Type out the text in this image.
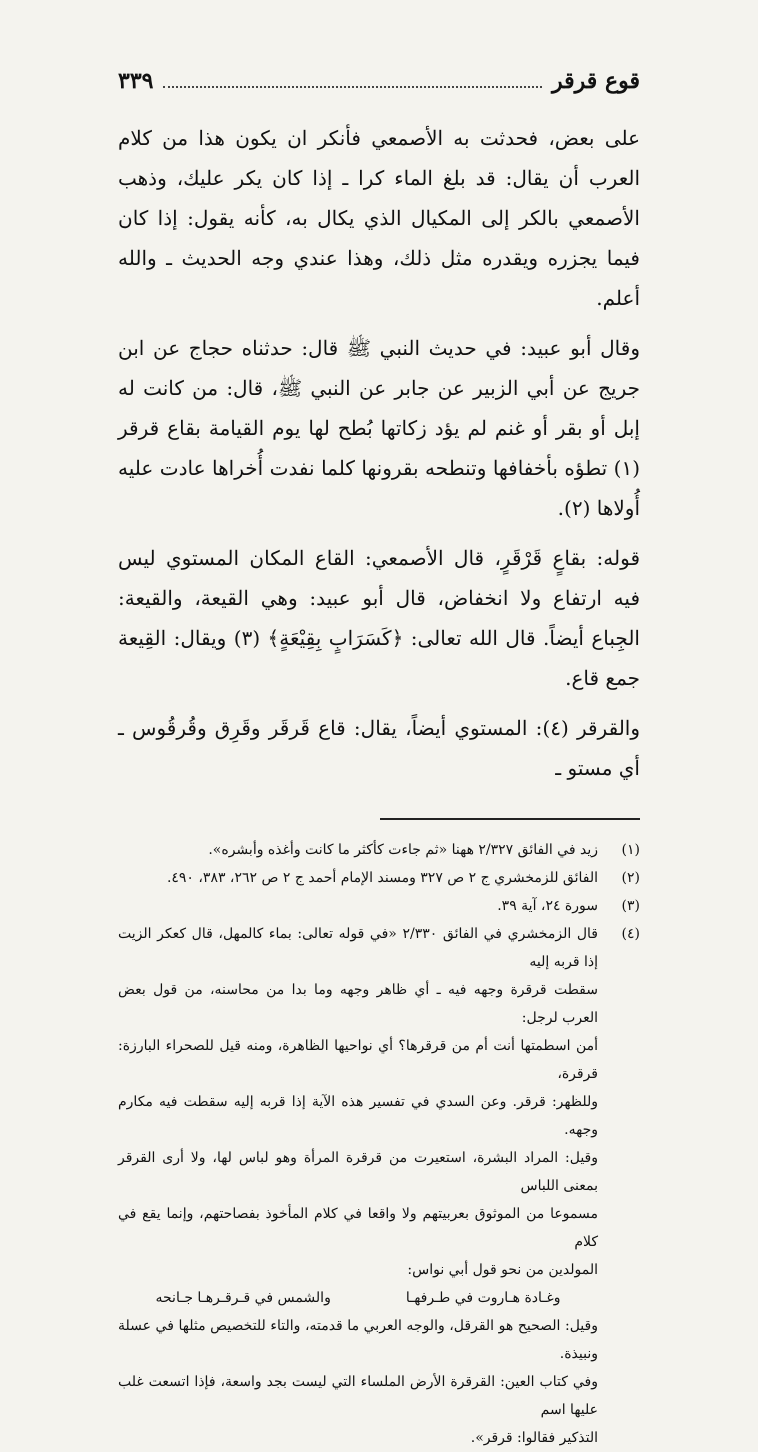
قوع قرقر
٣٣٩

على بعض، فحدثت به الأصمعي فأنكر ان يكون هذا من كلام العرب أن يقال: قد بلغ الماء كرا ـ إذا كان يكر عليك، وذهب الأصمعي بالكر إلى المكيال الذي يكال به، كأنه يقول: إذا كان فيما يجزره ويقدره مثل ذلك، وهذا عندي وجه الحديث ـ والله أعلم.

وقال أبو عبيد: في حديث النبي ﷺ قال: حدثناه حجاج عن ابن جريج عن أبي الزبير عن جابر عن النبي ﷺ، قال: من كانت له إبل أو بقر أو غنم لم يؤد زكاتها بُطح لها يوم القيامة بقاع قرقر (١) تطؤه بأخفافها وتنطحه بقرونها كلما نفدت أُخراها عادت عليه أُولاها (٢).

قوله: بقاعٍ قَرْقَرٍ، قال الأصمعي: القاع المكان المستوي ليس فيه ارتفاع ولا انخفاض، قال أبو عبيد: وهي القيعة، والقيعة: الجِباع أيضاً. قال الله تعالى: ﴿كَسَرَابٍ بِقِيْعَةٍ﴾ (٣) ويقال: القِيعة جمع قاع.

والقرقر (٤): المستوي أيضاً، يقال: قاع قَرقَر وقَرِق وقُرقُوس ـ أي مستو ـ

(١)
زيد في الفائق ٢/٣٢٧ ههنا «ثم جاءت كأكثر ما كانت وأغذه وأبشره».
(٢)
الفائق للزمخشري ج ٢ ص ٣٢٧ ومسند الإمام أحمد ج ٢ ص ٢٦٢، ٣٨٣، ٤٩٠.
(٣)
سورة ٢٤، آية ٣٩.
(٤)
قال الزمخشري في الفائق ٢/٣٣٠ «في قوله تعالى: بماء كالمهل، قال كعكر الزيت إذا قربه إليه
سقطت قرقرة وجهه فيه ـ أي ظاهر وجهه وما بدا من محاسنه، من قول بعض العرب لرجل:
أمن اسطمتها أنت أم من قرقرها؟ أي نواحيها الظاهرة، ومنه قيل للصحراء البارزة: قرقرة،
وللظهر: قرقر. وعن السدي في تفسير هذه الآية إذا قربه إليه سقطت فيه مكارم وجهه.
وقيل: المراد البشرة، استعيرت من قرقرة المرأة وهو لباس لها، ولا أرى القرقر بمعنى اللباس
مسموعا من الموثوق بعربيتهم ولا واقعا في كلام المأخوذ بفصاحتهم، وإنما يقع في كلام
المولدين من نحو قول أبي نواس:
وغـادة هـاروت في طـرفهـا
والشمس في قـرقـرهـا جـانحه
وقيل: الصحيح هو القرقل، والوجه العربي ما قدمته، والتاء للتخصيص مثلها في عسلة ونبيذة.
وفي كتاب العين: القرقرة الأرض الملساء التي ليست بجد واسعة، فإذا اتسعت غلب عليها اسم
التذكير فقالوا: قرقر».
